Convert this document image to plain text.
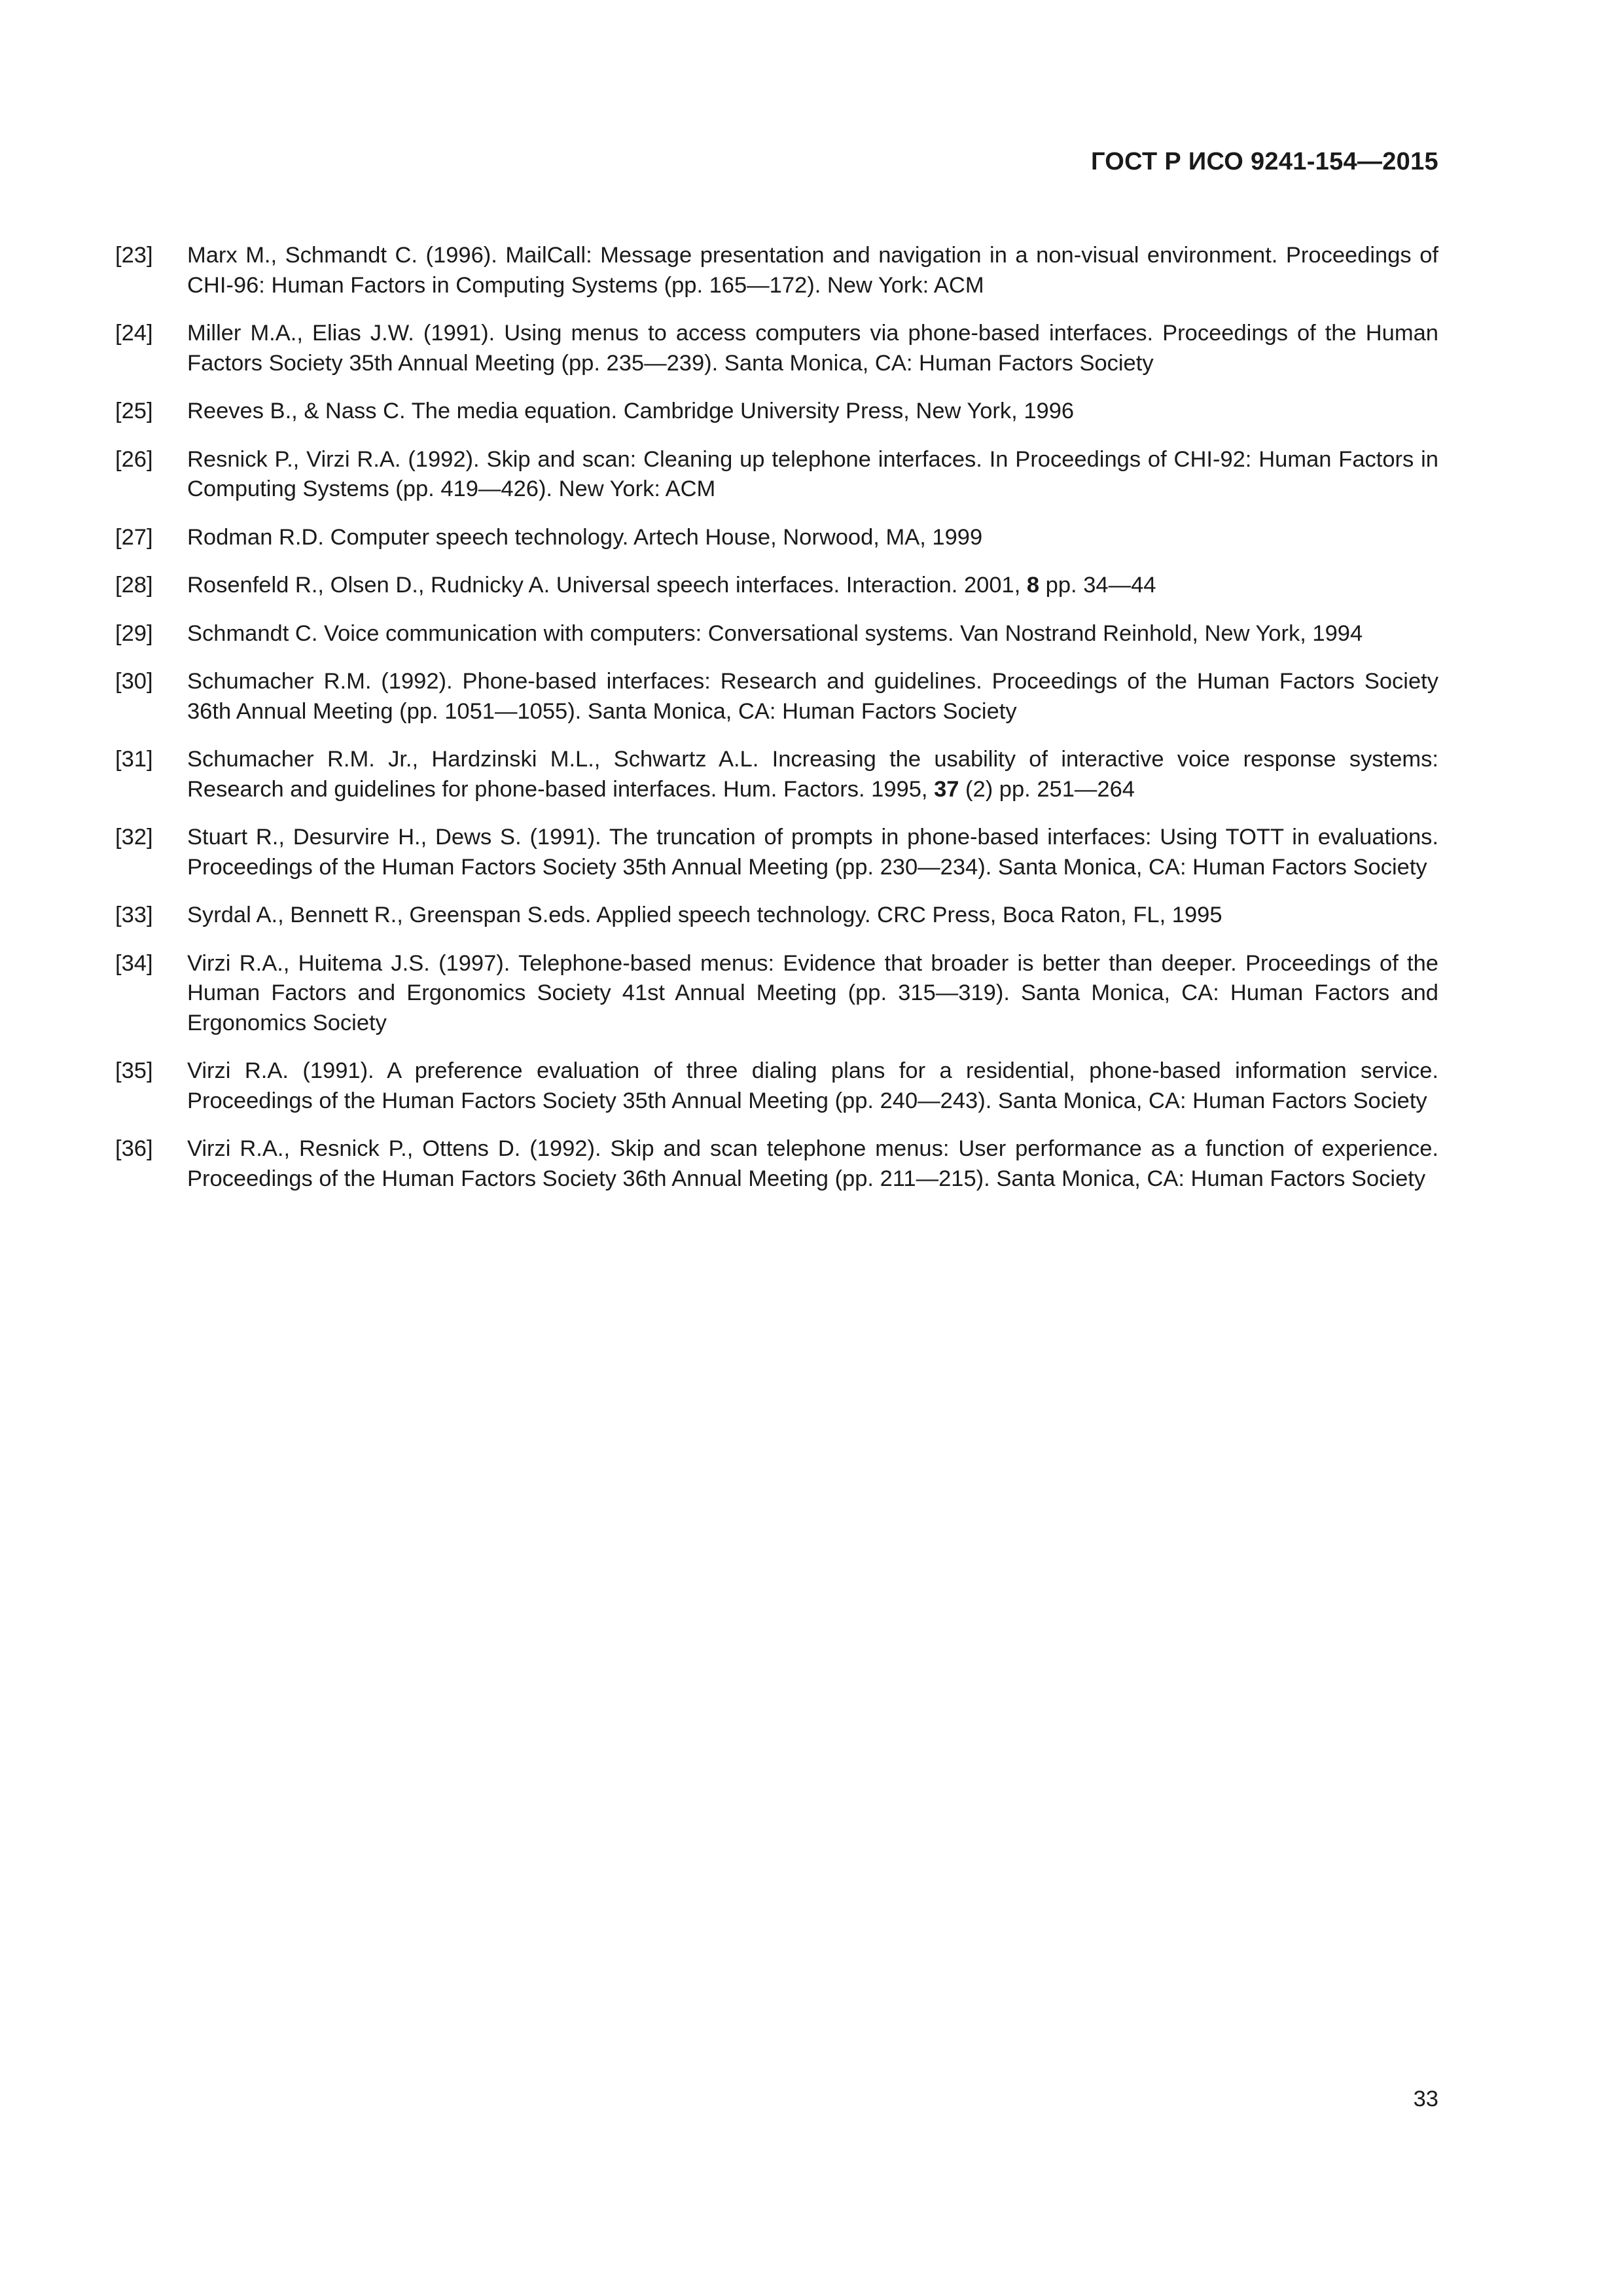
ГОСТ Р ИСО 9241-154—2015
[23]	Marx M., Schmandt C. (1996). MailCall: Message presentation and navigation in a non-visual environment. Proceedings of CHI-96: Human Factors in Computing Systems (pp. 165—172). New York: ACM
[24]	Miller M.A., Elias J.W. (1991). Using menus to access computers via phone-based interfaces. Proceedings of the Human Factors Society 35th Annual Meeting (pp. 235—239). Santa Monica, CA: Human Factors Society
[25]	Reeves B., & Nass C. The media equation. Cambridge University Press, New York, 1996
[26]	Resnick P., Virzi R.A. (1992). Skip and scan: Cleaning up telephone interfaces. In Proceedings of CHI-92: Human Factors in Computing Systems (pp. 419—426). New York: ACM
[27]	Rodman R.D. Computer speech technology. Artech House, Norwood, MA, 1999
[28]	Rosenfeld R., Olsen D., Rudnicky A. Universal speech interfaces. Interaction. 2001, 8 pp. 34—44
[29]	Schmandt C. Voice communication with computers: Conversational systems. Van Nostrand Reinhold, New York, 1994
[30]	Schumacher R.M. (1992). Phone-based interfaces: Research and guidelines. Proceedings of the Human Factors Society 36th Annual Meeting (pp. 1051—1055). Santa Monica, CA: Human Factors Society
[31]	Schumacher R.M. Jr., Hardzinski M.L., Schwartz A.L. Increasing the usability of interactive voice response systems: Research and guidelines for phone-based interfaces. Hum. Factors. 1995, 37 (2) pp. 251—264
[32]	Stuart R., Desurvire H., Dews S. (1991). The truncation of prompts in phone-based interfaces: Using TOTT in evaluations. Proceedings of the Human Factors Society 35th Annual Meeting (pp. 230—234). Santa Monica, CA: Human Factors Society
[33]	Syrdal A., Bennett R., Greenspan S.eds. Applied speech technology. CRC Press, Boca Raton, FL, 1995
[34]	Virzi R.A., Huitema J.S. (1997). Telephone-based menus: Evidence that broader is better than deeper. Proceedings of the Human Factors and Ergonomics Society 41st Annual Meeting (pp. 315—319). Santa Monica, CA: Human Factors and Ergonomics Society
[35]	Virzi R.A. (1991). A preference evaluation of three dialing plans for a residential, phone-based information service. Proceedings of the Human Factors Society 35th Annual Meeting (pp. 240—243). Santa Monica, CA: Human Factors Society
[36]	Virzi R.A., Resnick P., Ottens D. (1992). Skip and scan telephone menus: User performance as a function of experience. Proceedings of the Human Factors Society 36th Annual Meeting (pp. 211—215). Santa Monica, CA: Human Factors Society
33
